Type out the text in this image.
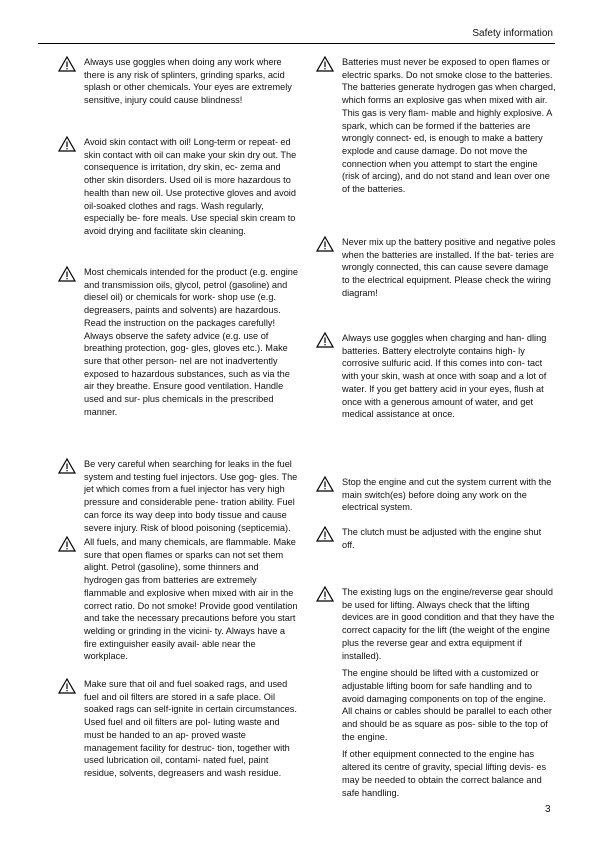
Safety information

Always use goggles when doing any work where there is any risk of splinters, grinding sparks, acid splash or other chemicals. Your eyes are extremely sensitive, injury could cause blindness!

Avoid skin contact with oil! Long-term or repeat- ed skin contact with oil can make your skin dry out. The consequence is irritation, dry skin, ec- zema and other skin disorders. Used oil is more hazardous to health than new oil. Use protective gloves and avoid oil-soaked clothes and rags. Wash regularly, especially be- fore meals. Use special skin cream to avoid drying and facilitate skin cleaning.

Most chemicals intended for the product (e.g. engine and transmission oils, glycol, petrol (gasoline) and diesel oil) or chemicals for work- shop use (e.g. degreasers, paints and solvents) are hazardous. Read the instruction on the packages carefully! Always observe the safety advice (e.g. use of breathing protection, gog- gles, gloves etc.). Make sure that other person- nel are not inadvertently exposed to hazardous substances, such as via the air they breathe. Ensure good ventilation. Handle used and sur- plus chemicals in the prescribed manner.

Be very careful when searching for leaks in the fuel system and testing fuel injectors. Use gog- gles. The jet which comes from a fuel injector has very high pressure and considerable pene- tration ability. Fuel can force its way deep into body tissue and cause severe injury. Risk of blood poisoning (septicemia).

All fuels, and many chemicals, are flammable. Make sure that open flames or sparks can not set them alight. Petrol (gasoline), some thinners and hydrogen gas from batteries are extremely flammable and explosive when mixed with air in the correct ratio. Do not smoke! Provide good ventilation and take the necessary precautions before you start welding or grinding in the vicini- ty. Always have a fire extinguisher easily avail- able near the workplace.

Make sure that oil and fuel soaked rags, and used fuel and oil filters are stored in a safe place. Oil soaked rags can self-ignite in certain circumstances. Used fuel and oil filters are pol- luting waste and must be handed to an ap- proved waste management facility for destruc- tion, together with used lubrication oil, contami- nated fuel, paint residue, solvents, degreasers and wash residue.

Batteries must never be exposed to open flames or electric sparks. Do not smoke close to the batteries. The batteries generate hydrogen gas when charged, which forms an explosive gas when mixed with air. This gas is very flam- mable and highly explosive. A spark, which can be formed if the batteries are wrongly connect- ed, is enough to make a battery explode and cause damage. Do not move the connection when you attempt to start the engine (risk of arcing), and do not stand and lean over one of the batteries.

Never mix up the battery positive and negative poles when the batteries are installed. If the bat- teries are wrongly connected, this can cause severe damage to the electrical equipment. Please check the wiring diagram!

Always use goggles when charging and han- dling batteries. Battery electrolyte contains high- ly corrosive sulfuric acid. If this comes into con- tact with your skin, wash at once with soap and a lot of water. If you get battery acid in your eyes, flush at once with a generous amount of water, and get medical assistance at once.

Stop the engine and cut the system current with the main switch(es) before doing any work on the electrical system.

The clutch must be adjusted with the engine shut off.

The existing lugs on the engine/reverse gear should be used for lifting. Always check that the lifting devices are in good condition and that they have the correct capacity for the lift (the weight of the engine plus the reverse gear and extra equipment if installed).

The engine should be lifted with a customized or adjustable lifting boom for safe handling and to avoid damaging components on top of the engine. All chains or cables should be parallel to each other and should be as square as pos- sible to the top of the engine.

If other equipment connected to the engine has altered its centre of gravity, special lifting devis- es may be needed to obtain the correct balance and safe handling.

3
